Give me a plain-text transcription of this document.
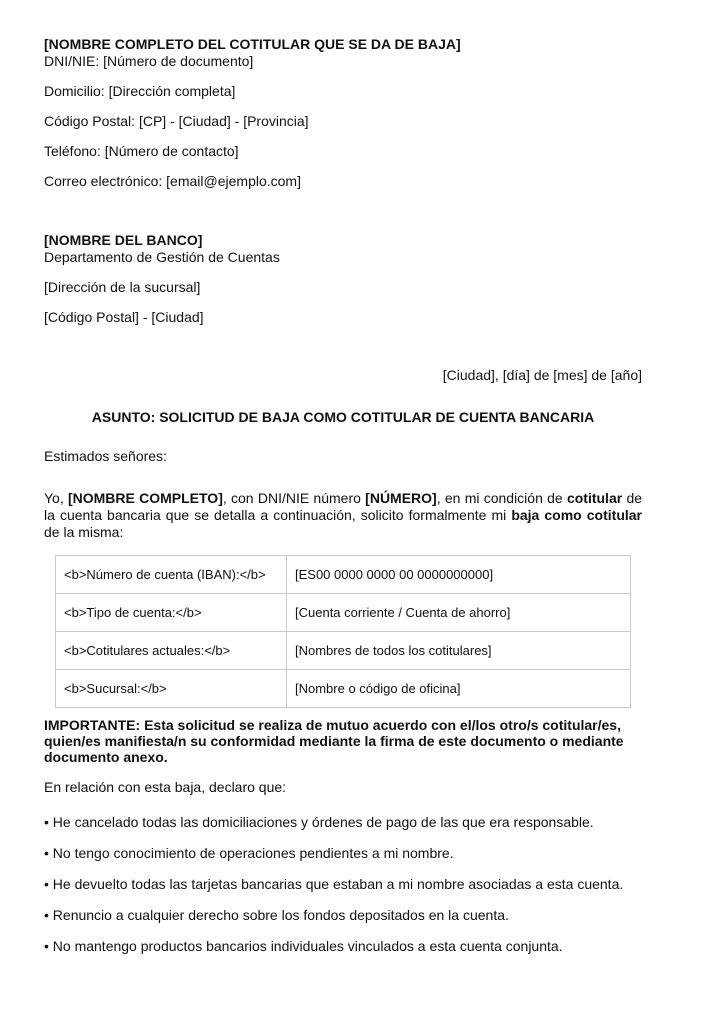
[NOMBRE COMPLETO DEL COTITULAR QUE SE DA DE BAJA]

DNI/NIE: [Número de documento]

Domicilio: [Dirección completa]

Código Postal: [CP] - [Ciudad] - [Provincia]

Teléfono: [Número de contacto]

Correo electrónico: [email@ejemplo.com]

[NOMBRE DEL BANCO]

Departamento de Gestión de Cuentas

[Dirección de la sucursal]

[Código Postal] - [Ciudad]

[Ciudad], [día] de [mes] de [año]

ASUNTO: SOLICITUD DE BAJA COMO COTITULAR DE CUENTA BANCARIA

Estimados señores:

Yo, [NOMBRE COMPLETO], con DNI/NIE número [NÚMERO], en mi condición de cotitular de la cuenta bancaria que se detalla a continuación, solicito formalmente mi baja como cotitular de la misma:

<b>Número de cuenta (IBAN):</b>	[ES00 0000 0000 00 0000000000]
<b>Tipo de cuenta:</b>	[Cuenta corriente / Cuenta de ahorro]
<b>Cotitulares actuales:</b>	[Nombres de todos los cotitulares]
<b>Sucursal:</b>	[Nombre o código de oficina]

IMPORTANTE: Esta solicitud se realiza de mutuo acuerdo con el/los otro/s cotitular/es, quien/es manifiesta/n su conformidad mediante la firma de este documento o mediante documento anexo.

En relación con esta baja, declaro que:

• He cancelado todas las domiciliaciones y órdenes de pago de las que era responsable.

• No tengo conocimiento de operaciones pendientes a mi nombre.

• He devuelto todas las tarjetas bancarias que estaban a mi nombre asociadas a esta cuenta.

• Renuncio a cualquier derecho sobre los fondos depositados en la cuenta.

• No mantengo productos bancarios individuales vinculados a esta cuenta conjunta.
